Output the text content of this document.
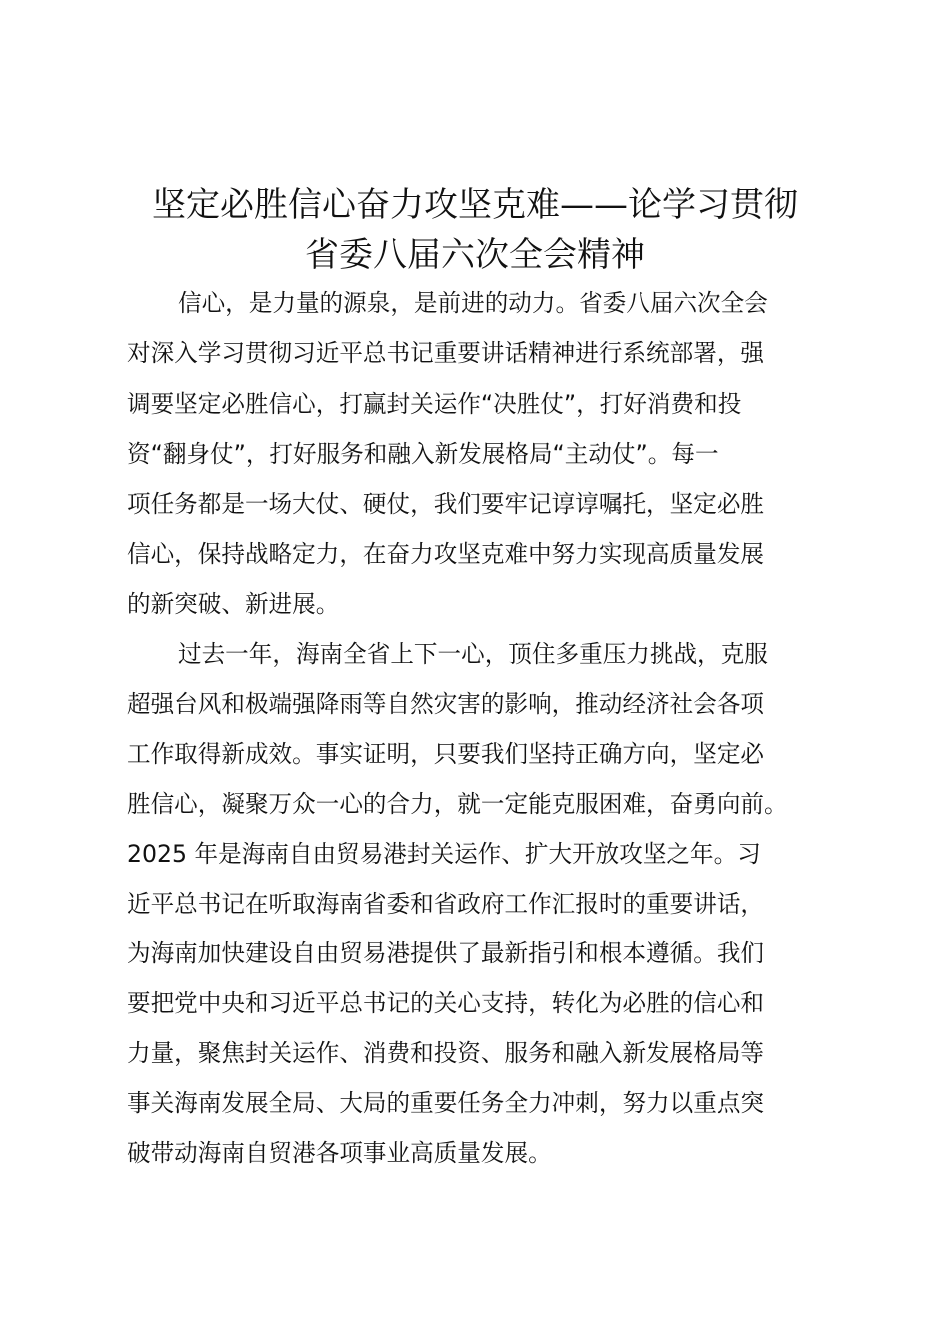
坚定必胜信心奋力攻坚克难——论学习贯彻
省委八届六次全会精神
信心，是力量的源泉，是前进的动力。省委八届六次全会
对深入学习贯彻习近平总书记重要讲话精神进行系统部署，强
调要坚定必胜信心，打赢封关运作“决胜仗”，打好消费和投
资“翻身仗”，打好服务和融入新发展格局“主动仗”。每一
项任务都是一场大仗、硬仗，我们要牢记谆谆嘱托，坚定必胜
信心，保持战略定力，在奋力攻坚克难中努力实现高质量发展
的新突破、新进展。
过去一年，海南全省上下一心，顶住多重压力挑战，克服
超强台风和极端强降雨等自然灾害的影响，推动经济社会各项
工作取得新成效。事实证明，只要我们坚持正确方向，坚定必
胜信心，凝聚万众一心的合力，就一定能克服困难，奋勇向前。
2025 年是海南自由贸易港封关运作、扩大开放攻坚之年。习
近平总书记在听取海南省委和省政府工作汇报时的重要讲话，
为海南加快建设自由贸易港提供了最新指引和根本遵循。我们
要把党中央和习近平总书记的关心支持，转化为必胜的信心和
力量，聚焦封关运作、消费和投资、服务和融入新发展格局等
事关海南发展全局、大局的重要任务全力冲刺，努力以重点突
破带动海南自贸港各项事业高质量发展。
